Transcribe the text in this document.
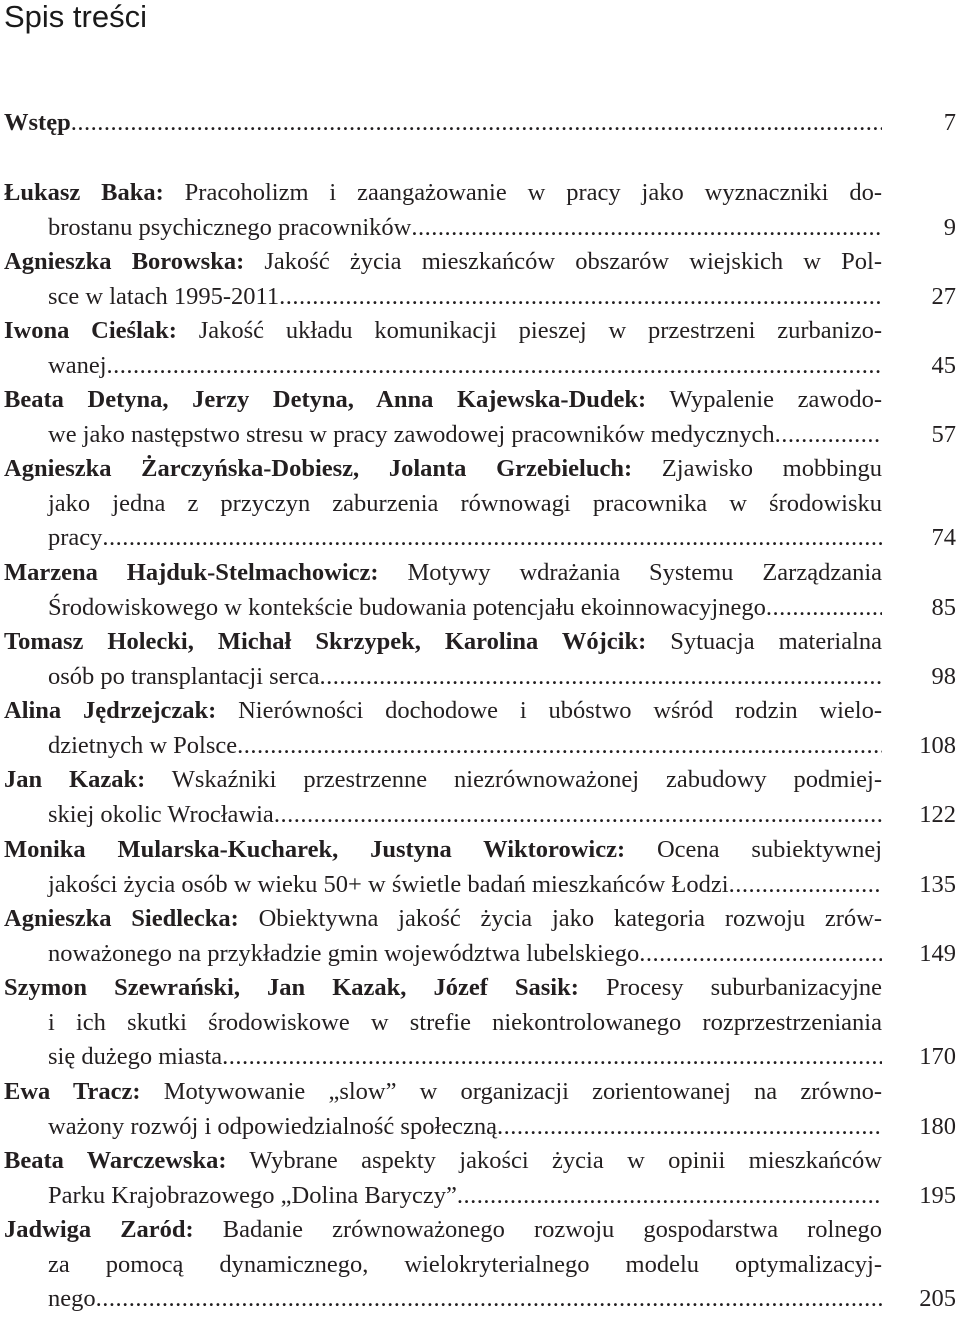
Spis treści
Wstęp .....	7
Łukasz Baka: Pracoholizm i zaangażowanie w pracy jako wyznaczniki do-
brostanu psychicznego pracowników .....	9
Agnieszka Borowska: Jakość życia mieszkańców obszarów wiejskich w Pol-
sce w latach 1995-2011 .....	27
Iwona Cieślak: Jakość układu komunikacji pieszej w przestrzeni zurbanizo-
wanej .....	45
Beata Detyna, Jerzy Detyna, Anna Kajewska-Dudek: Wypalenie zawodo-
we jako następstwo stresu w pracy zawodowej pracowników medycznych .....	57
Agnieszka Żarczyńska-Dobiesz, Jolanta Grzebieluch: Zjawisko mobbingu
jako jedna z przyczyn zaburzenia równowagi pracownika w środowisku
pracy .....	74
Marzena Hajduk-Stelmachowicz: Motywy wdrażania Systemu Zarządzania
Środowiskowego w kontekście budowania potencjału ekoinnowacyjnego .....	85
Tomasz Holecki, Michał Skrzypek, Karolina Wójcik: Sytuacja materialna
osób po transplantacji serca .....	98
Alina Jędrzejczak: Nierówności dochodowe i ubóstwo wśród rodzin wielo-
dzietnych w Polsce .....	108
Jan Kazak: Wskaźniki przestrzenne niezrównoważonej zabudowy podmiej-
skiej okolic Wrocławia .....	122
Monika Mularska-Kucharek, Justyna Wiktorowicz: Ocena subiektywnej
jakości życia osób w wieku 50+ w świetle badań mieszkańców Łodzi .....	135
Agnieszka Siedlecka: Obiektywna jakość życia jako kategoria rozwoju zrów-
noważonego na przykładzie gmin województwa lubelskiego .....	149
Szymon Szewrański, Jan Kazak, Józef Sasik: Procesy suburbanizacyjne
i ich skutki środowiskowe w strefie niekontrolowanego rozprzestrzeniania
się dużego miasta .....	170
Ewa Tracz: Motywowanie „slow” w organizacji zorientowanej na zrówno-
ważony rozwój i odpowiedzialność społeczną .....	180
Beata Warczewska: Wybrane aspekty jakości życia w opinii mieszkańców
Parku Krajobrazowego „Dolina Baryczy” .....	195
Jadwiga Zaród: Badanie zrównoważonego rozwoju gospodarstwa rolnego
za pomocą dynamicznego, wielokryterialnego modelu optymalizacyj-
nego .....	205
